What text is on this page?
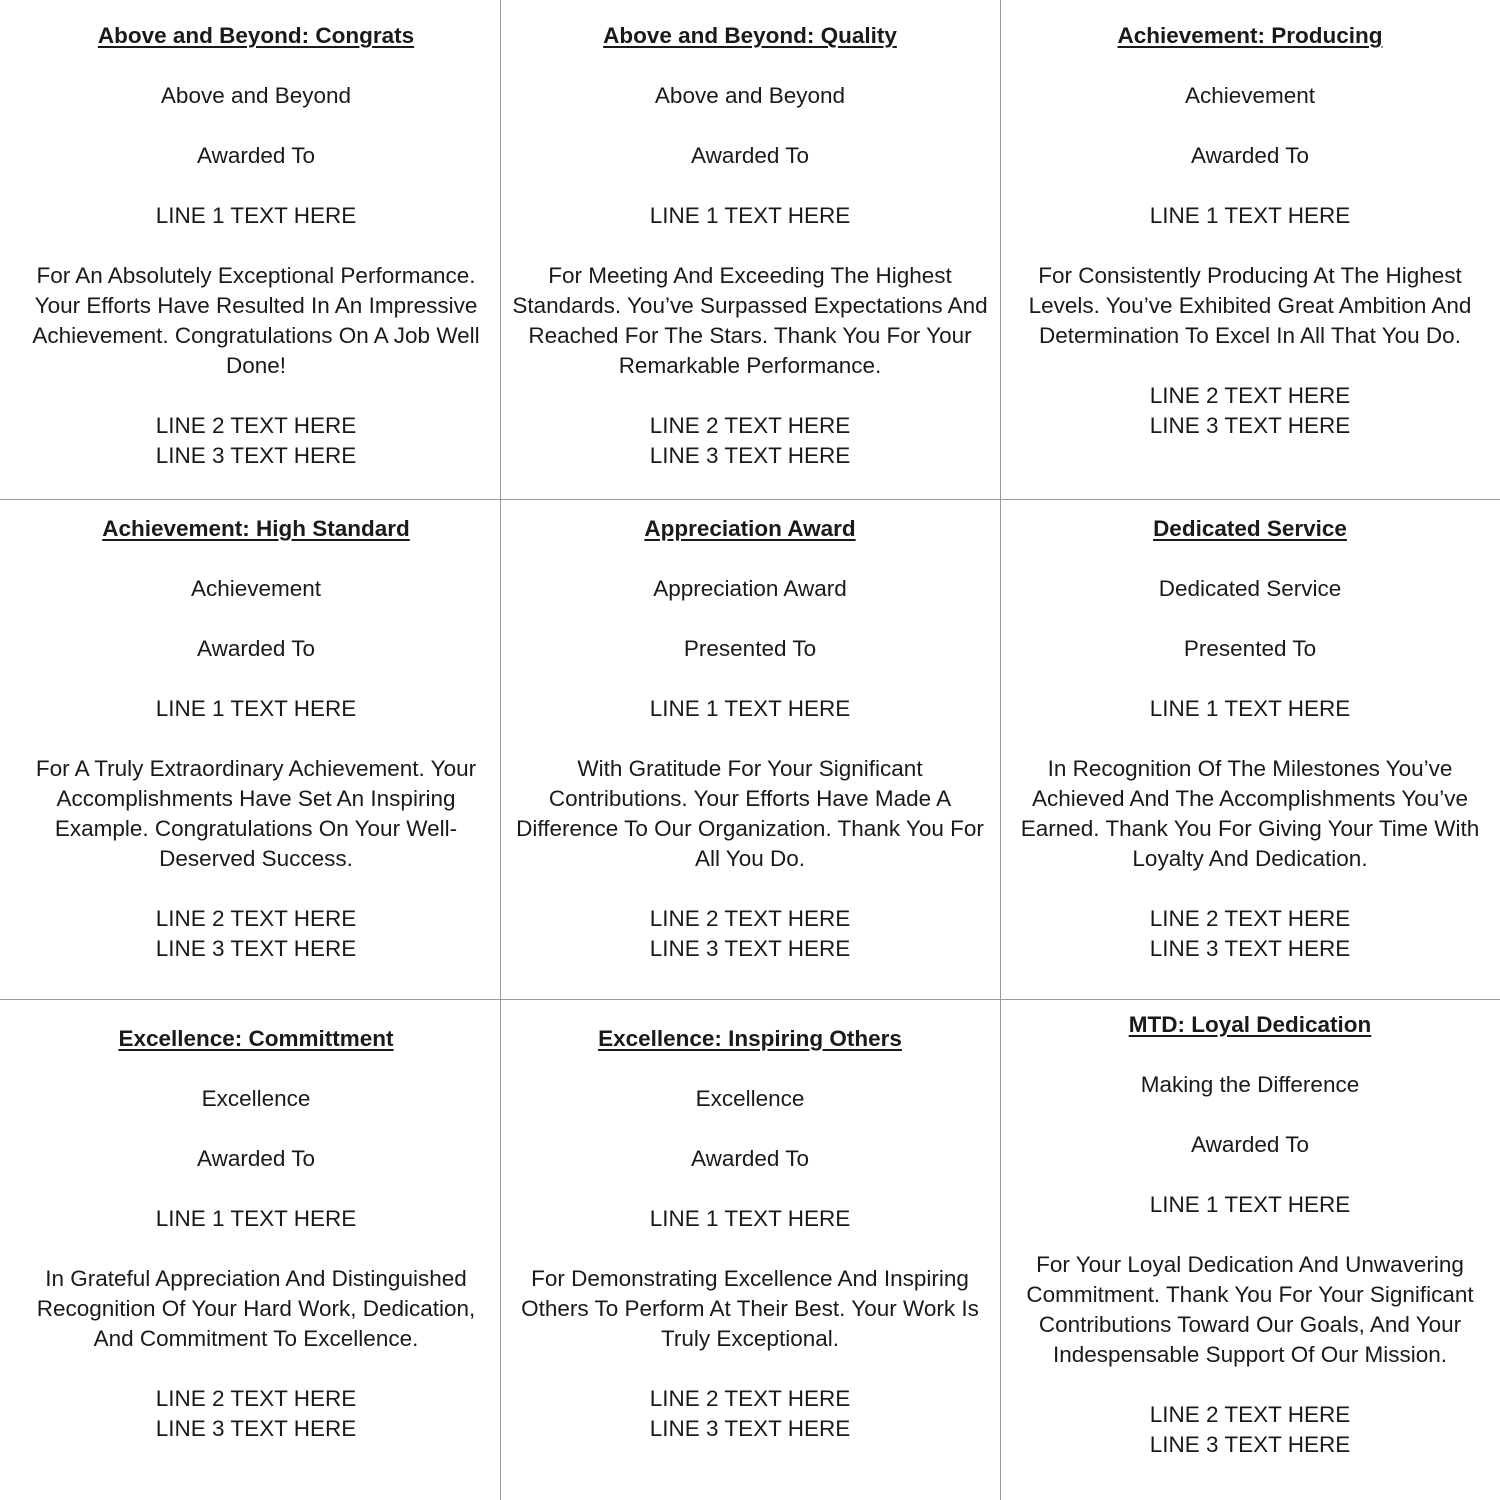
Above and Beyond: Congrats
Above and Beyond
Awarded To
LINE 1 TEXT HERE
For An Absolutely Exceptional Performance. Your Efforts Have Resulted In An Impressive Achievement. Congratulations On A Job Well Done!
LINE 2 TEXT HERE
LINE 3 TEXT HERE
Above and Beyond: Quality
Above and Beyond
Awarded To
LINE 1 TEXT HERE
For Meeting And Exceeding The Highest Standards. You’ve Surpassed Expectations And Reached For The Stars. Thank You For Your Remarkable Performance.
LINE 2 TEXT HERE
LINE 3 TEXT HERE
Achievement: Producing
Achievement
Awarded To
LINE 1 TEXT HERE
For Consistently Producing At The Highest Levels. You’ve Exhibited Great Ambition And Determination To Excel In All That You Do.
LINE 2 TEXT HERE
LINE 3 TEXT HERE
Achievement: High Standard
Achievement
Awarded To
LINE 1 TEXT HERE
For A Truly Extraordinary Achievement. Your Accomplishments Have Set An Inspiring Example. Congratulations On Your Well-Deserved Success.
LINE 2 TEXT HERE
LINE 3 TEXT HERE
Appreciation Award
Appreciation Award
Presented To
LINE 1 TEXT HERE
With Gratitude For Your Significant Contributions. Your Efforts Have Made A Difference To Our Organization. Thank You For All You Do.
LINE 2 TEXT HERE
LINE 3 TEXT HERE
Dedicated Service
Dedicated Service
Presented To
LINE 1 TEXT HERE
In Recognition Of The Milestones You’ve Achieved And The Accomplishments You’ve Earned. Thank You For Giving Your Time With Loyalty And Dedication.
LINE 2 TEXT HERE
LINE 3 TEXT HERE
Excellence: Committment
Excellence
Awarded To
LINE 1 TEXT HERE
In Grateful Appreciation And Distinguished Recognition Of Your Hard Work, Dedication, And Commitment To Excellence.
LINE 2 TEXT HERE
LINE 3 TEXT HERE
Excellence: Inspiring Others
Excellence
Awarded To
LINE 1 TEXT HERE
For Demonstrating Excellence And Inspiring Others To Perform At Their Best. Your Work Is Truly Exceptional.
LINE 2 TEXT HERE
LINE 3 TEXT HERE
MTD: Loyal Dedication
Making the Difference
Awarded To
LINE 1 TEXT HERE
For Your Loyal Dedication And Unwavering Commitment. Thank You For Your Significant Contributions Toward Our Goals, And Your Indespensable Support Of Our Mission.
LINE 2 TEXT HERE
LINE 3 TEXT HERE
